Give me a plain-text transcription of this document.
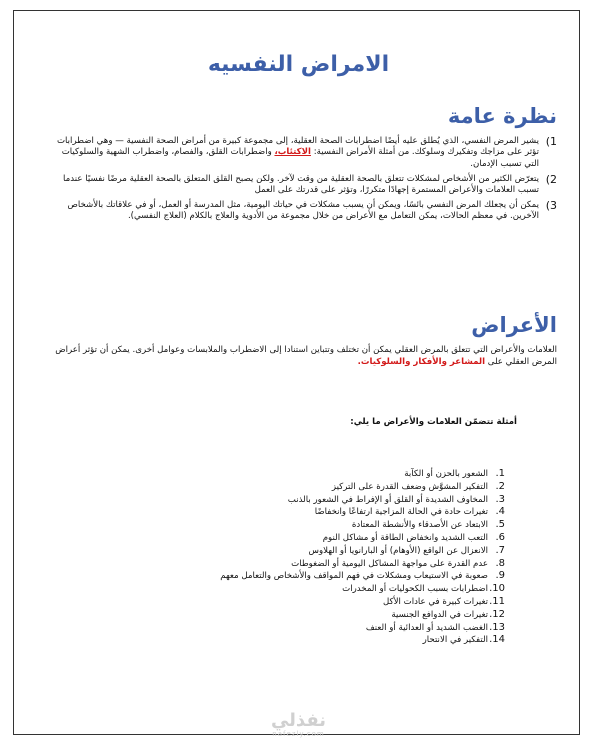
الامراض النفسيه
نظرة عامة
1)
يشير المرض النفسي، الذي يُطلق عليه أيضًا اضطرابات الصحة العقلية، إلى مجموعة كبيرة من أمراض الصحة النفسية — وهي اضطرابات تؤثر على مزاجك وتفكيرك وسلوكك. من أمثلة الأمراض النفسية: الاكتئاب، واضطرابات القلق، والفصام، واضطراب الشهية والسلوكيات التي تسبب الإدمان.
2)
يتعرّض الكثير من الأشخاص لمشكلات تتعلق بالصحة العقلية من وقت لآخر. ولكن يصبح القلق المتعلق بالصحة العقلية مرضًا نفسيًا عندما تسبب العلامات والأعراض المستمرة إجهادًا متكررًا، وتؤثر على قدرتك على العمل
3)
يمكن أن يجعلك المرض النفسي بائسًا، ويمكن أن يسبب مشكلات في حياتك اليومية، مثل المدرسة أو العمل، أو في علاقاتك بالأشخاص الآخرين. في معظم الحالات، يمكن التعامل مع الأعراض من خلال مجموعة من الأدوية والعلاج بالكلام (العلاج النفسي).
الأعراض
العلامات والأعراض التي تتعلق بالمرض العقلي يمكن أن تختلف وتتباين استنادا إلى الاضطراب والملابسات وعوامل أخرى. يمكن أن تؤثر أعراض المرض العقلي على المشاعر والأفكار والسلوكيات.
أمثلة تتضمّن العلامات والأعراض ما يلي:
1.
الشعور بالحزن أو الكآبة
2.
التفكير المشوَّش وضعف القدرة على التركيز
3.
المخاوف الشديدة أو القلق أو الإفراط في الشعور بالذنب
4.
تغيرات حادة في الحالة المزاجية ارتفاعًا وانخفاضًا
5.
الابتعاد عن الأصدقاء والأنشطة المعتادة
6.
التعب الشديد وانخفاض الطاقة أو مشاكل النوم
7.
الانعزال عن الواقع (الأوهام) أو البارانويا أو الهلاوس
8.
عدم القدرة على مواجهة المشاكل اليومية أو الضغوطات
9.
صعوبة في الاستيعاب ومشكلات في فهم المواقف والأشخاص والتعامل معهم
10.
اضطرابات بسبب الكحوليات أو المخدرات
11.
تغيرات كبيرة في عادات الأكل
12.
تغيرات في الدوافع الجنسية
13.
الغضب الشديد أو العدائية أو العنف
14.
التفكير في الانتحار
نفذلي
nafezly.com
